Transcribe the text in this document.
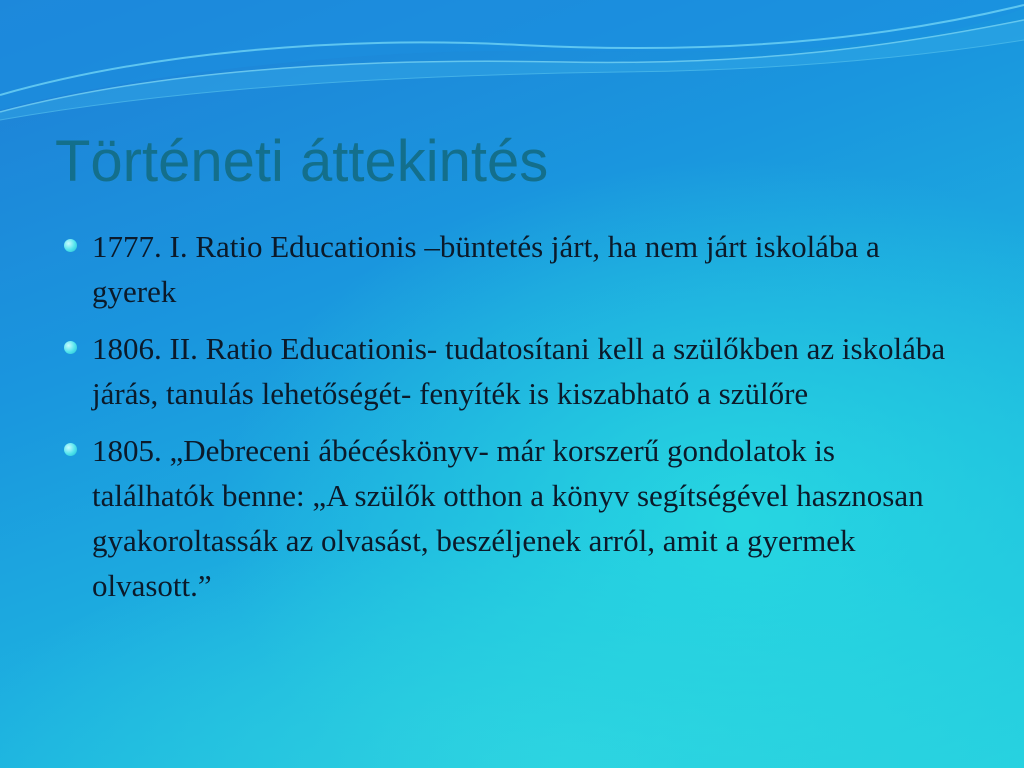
Történeti áttekintés
1777. I. Ratio Educationis –büntetés járt, ha nem járt iskolába a gyerek
1806. II. Ratio Educationis- tudatosítani kell a szülőkben az iskolába járás, tanulás lehetőségét- fenyíték is kiszabható a szülőre
1805. „Debreceni ábécéskönyv- már korszerű gondolatok is találhatók benne: „A szülők otthon a könyv segítségével hasznosan gyakoroltassák az olvasást, beszéljenek arról, amit a gyermek olvasott.”
